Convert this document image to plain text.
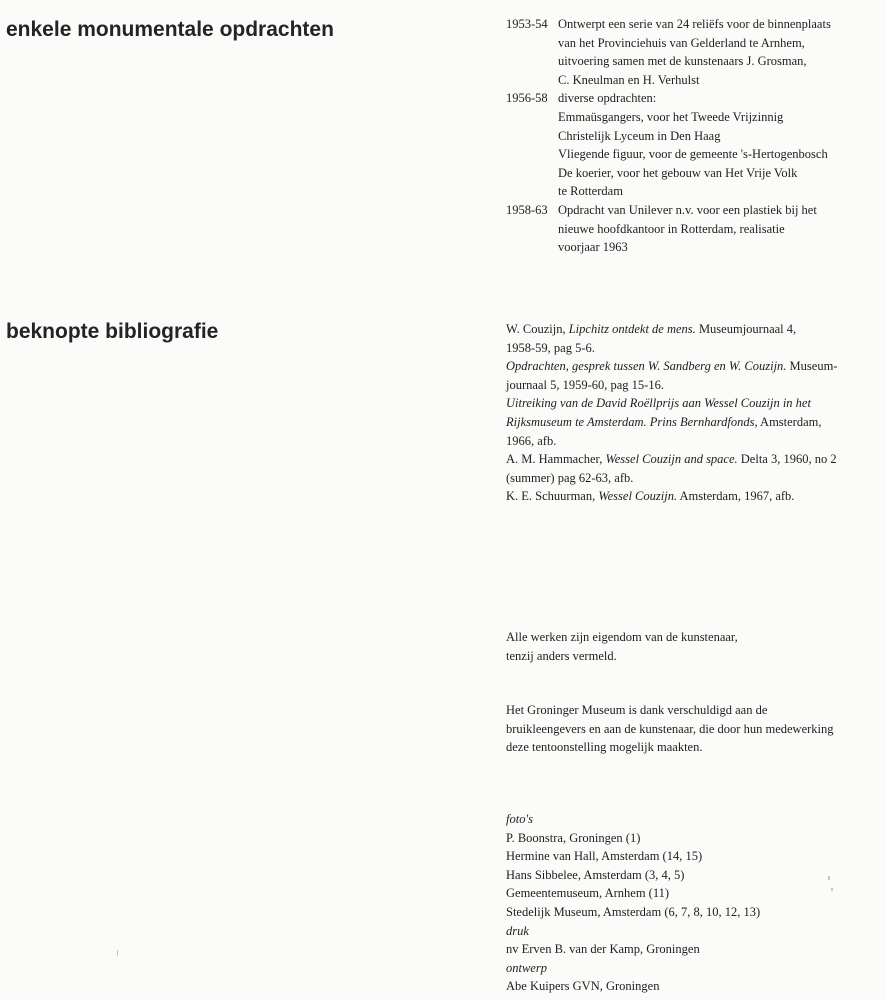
enkele monumentale opdrachten	1953-54 Ontwerpt een serie van 24 reliëfs voor de binnenplaats
van het Provinciehuis van Gelderland te Arnhem,
uitvoering samen met de kunstenaars J. Grosman,
C. Kneulman en H. Verhulst
1956-58 diverse opdrachten:
Emmaüsgangers, voor het Tweede Vrijzinnig
Christelijk Lyceum in Den Haag
Vliegende figuur, voor de gemeente 's-Hertogenbosch
De koerier, voor het gebouw van Het Vrije Volk
te Rotterdam
1958-63 Opdracht van Unilever n.v. voor een plastiek bij het
nieuwe hoofdkantoor in Rotterdam, realisatie
voorjaar 1963
beknopte bibliografie	W. Couzijn, Lipchitz ontdekt de mens. Museumjournaal 4,
1958-59, pag 5-6.
Opdrachten, gesprek tussen W. Sandberg en W. Couzijn. Museum-
journaal 5, 1959-60, pag 15-16.
Uitreiking van de David Roëllprijs aan Wessel Couzijn in het
Rijksmuseum te Amsterdam. Prins Bernhardfonds, Amsterdam,
1966, afb.
A. M. Hammacher, Wessel Couzijn and space. Delta 3, 1960, no 2
(summer) pag 62-63, afb.
K. E. Schuurman, Wessel Couzijn. Amsterdam, 1967, afb.
Alle werken zijn eigendom van de kunstenaar,
tenzij anders vermeld.
Het Groninger Museum is dank verschuldigd aan de
bruikleengevers en aan de kunstenaar, die door hun medewerking
deze tentoonstelling mogelijk maakten.
foto's
P. Boonstra, Groningen (1)
Hermine van Hall, Amsterdam (14, 15)
Hans Sibbelee, Amsterdam (3, 4, 5)
Gemeentemuseum, Arnhem (11)
Stedelijk Museum, Amsterdam (6, 7, 8, 10, 12, 13)
druk
nv Erven B. van der Kamp, Groningen
ontwerp
Abe Kuipers GVN, Groningen
